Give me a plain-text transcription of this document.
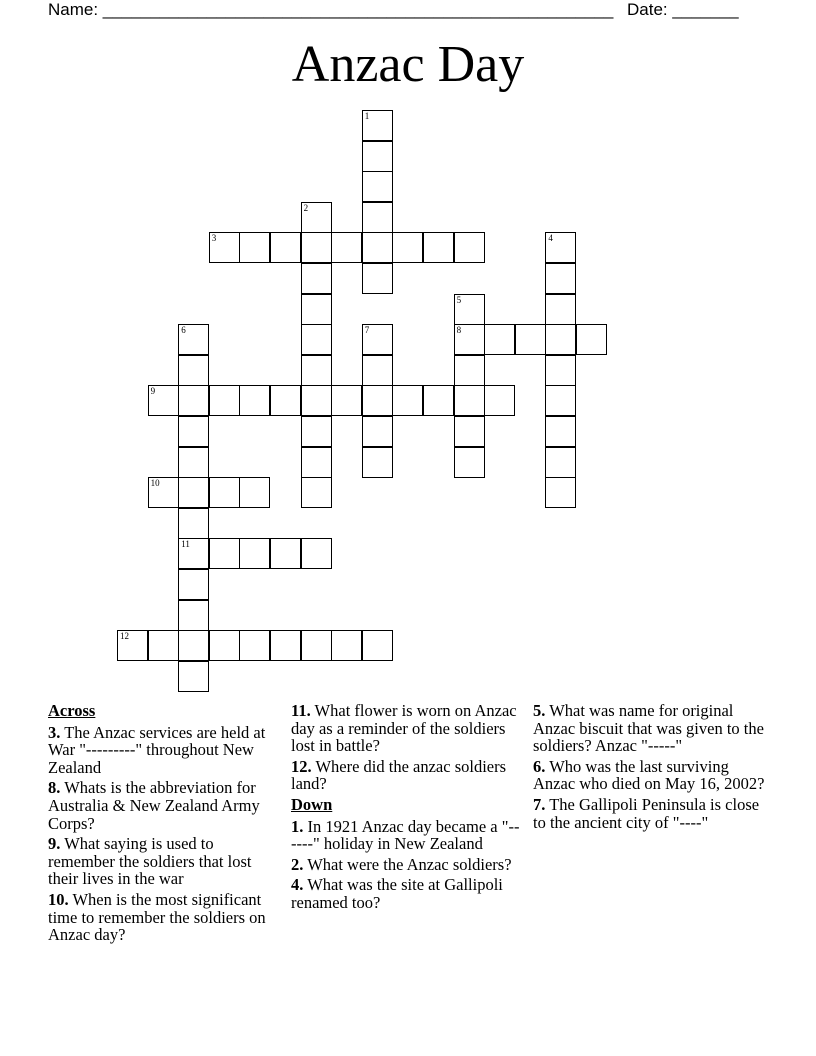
Name: ______________________________________________________ Date: _______
Anzac Day
3
8
9
10
11
12
1
2
4
5
6	7
Across
3. The Anzac services are held at War "---------" throughout New Zealand
8. Whats is the abbreviation for Australia & New Zealand Army Corps?
9. What saying is used to remember the soldiers that lost their lives in the war
10. When is the most significant time to remember the soldiers on Anzac day?
11. What flower is worn on Anzac day as a reminder of the soldiers lost in battle?
12. Where did the anzac soldiers land?
Down
1. In 1921 Anzac day became a "------" holiday in New Zealand
2. What were the Anzac soldiers?
4. What was the site at Gallipoli renamed too?
5. What was name for original Anzac biscuit that was given to the soldiers? Anzac "-----"
6. Who was the last surviving Anzac who died on May 16, 2002?
7. The Gallipoli Peninsula is close to the ancient city of "----"
